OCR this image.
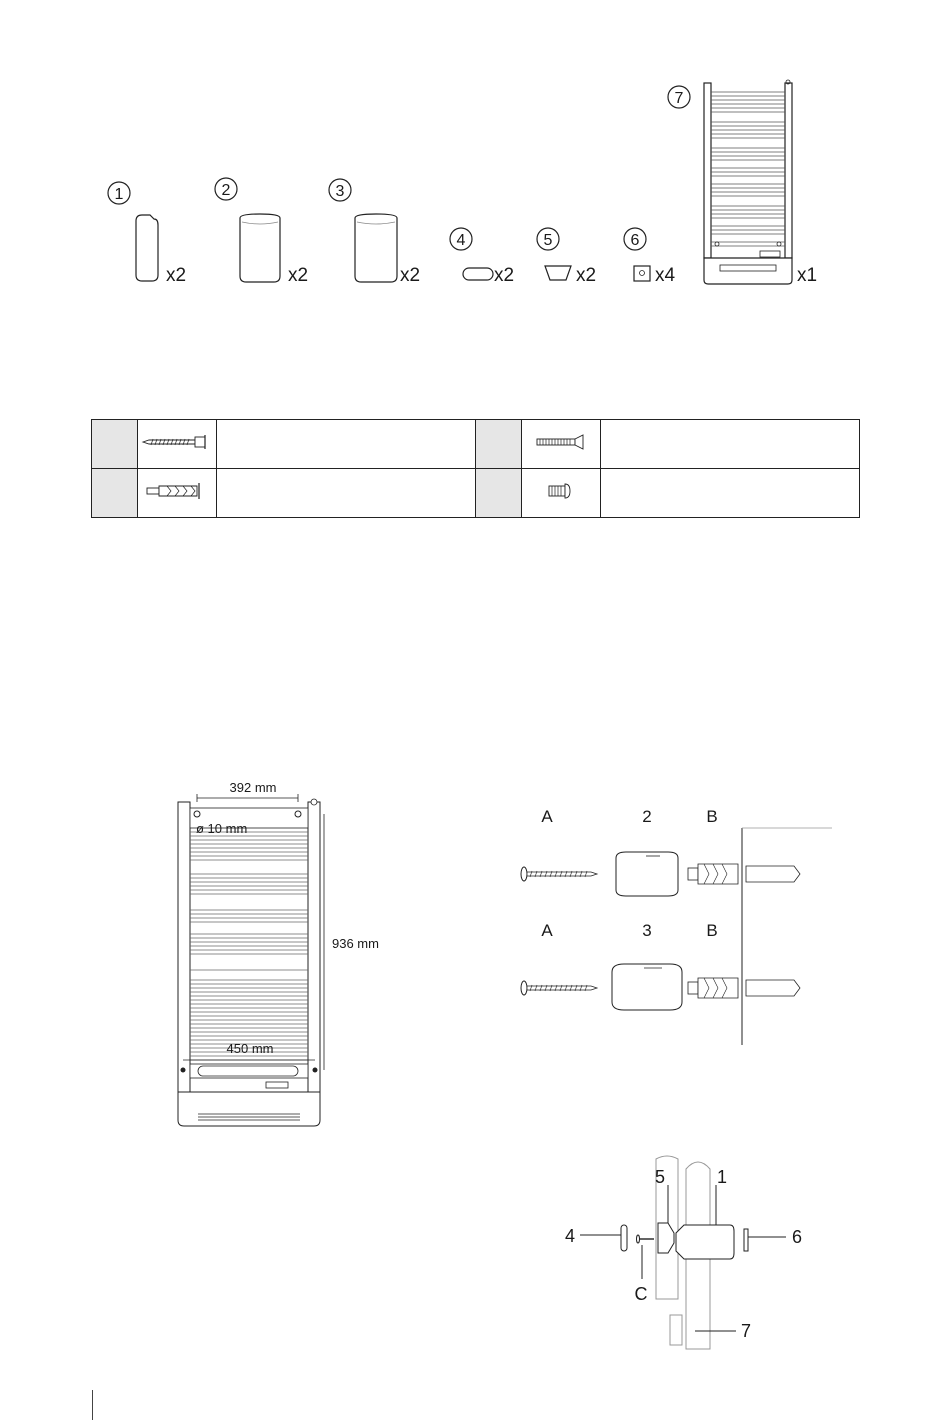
1
x2
2
x2
3
x2
4
x2
5
x2
6
x4
7
x1

392 mm
ø 10 mm
936 mm
450 mm
A	2	B
A	3	B
5	1
4	6
C
7
